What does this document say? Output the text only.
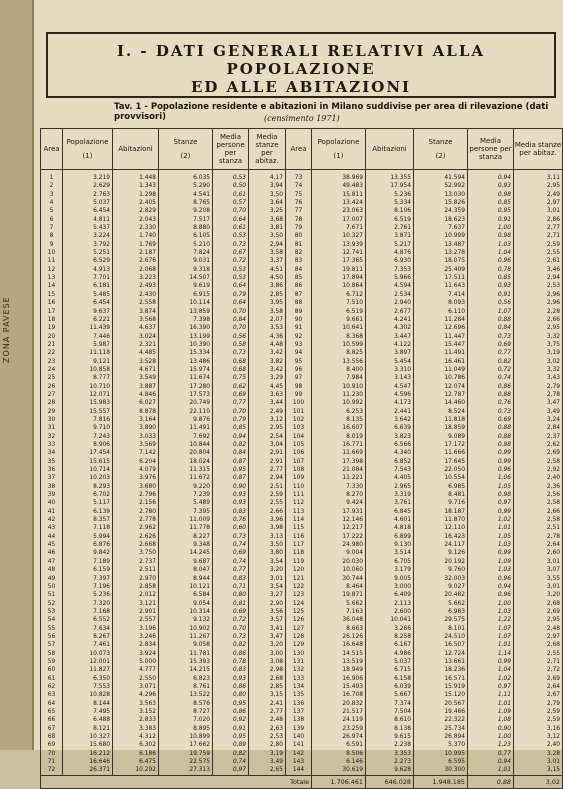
ZONA PAVESE
I. - DATI GENERALI RELATIVI ALLA POPOLAZIONE
ED ALLE ABITAZIONI
Tav. 1 - Popolazione residente e abitazioni in Milano suddivise per area di rilevazione (dati provvisori)	(censimento 1971)
Area	Popolazione
(1)	Abitazioni	Stanze
(2)	Media persone per stanza	Media stanze per abitaz.	Area	Popolazione
(1)	Abitazioni	Stanze
(2)	Media persone per stanza	Media stanze per abitaz.
1	3.219	1.448	6.035	0,53	4,17	73	38.969	13.355	41.594	0,94	3,11
2	2.629	1.343	5.290	0,50	3,94	74	49.483	17.954	52.992	0,93	2,95
3	2.763	1.298	4.541	0,61	3,50	75	15.811	5.236	13.030	0,98	2,49
4	5.037	2.405	8.765	0,57	3,64	76	13.424	5.334	15.826	0,85	2,97
5	6.454	2.829	9.208	0,70	3,25	77	23.063	8.106	24.359	0,95	3,01
6	4.811	2.043	7.517	0,64	3,68	78	17.007	6.519	18.623	0,91	2,86
7	5.437	2.330	8.880	0,61	3,81	79	7.671	2.761	7.637	1,00	2,77
8	3.224	1.740	6.105	0,53	3,50	80	10.327	3.871	10.999	0,98	2,71
9	3.792	1.769	5.210	0,73	2,94	81	13.939	5.217	13.487	1,03	2,59
10	5.251	2.187	7.824	0,67	3,58	82	12.741	4.876	13.278	1,04	2,55
11	6.529	2.676	9.031	0,72	3,37	83	17.365	6.930	18.075	0,96	2,61
12	4.913	2.068	9.318	0,53	4,51	84	19.811	7.353	25.409	0,78	3,46
13	7.701	3.223	14.507	0,53	4,50	85	17.894	5.966	17.511	0,85	2,94
14	6.181	2.493	9.619	0,64	3,86	86	10.864	4.594	11.643	0,93	2,53
15	5.485	2.430	6.915	0,79	2,85	87	6.712	2.534	7.414	0,91	2,96
16	6.454	2.558	10.114	0,64	3,95	88	7.510	2.940	8.093	0,56	2,96
17	9.637	3.874	13.859	0,70	3,58	89	6.519	2.677	6.110	1,07	2,28
18	6.221	3.568	7.398	0,84	2,07	90	9.661	4.241	11.284	0,88	2,66
19	11.439	4.637	16.390	0,70	3,53	91	10.641	4.302	12.696	0,84	2,95
20	7.446	3.024	13.199	0,56	4,36	92	8.368	3.447	11.447	0,73	3,32
21	5.987	2.321	10.390	0,58	4,48	93	10.599	4.122	15.447	0,69	3,75
22	11.118	4.485	15.334	0,73	3,42	94	8.825	3.897	11.491	0,77	3,19
23	9.121	3.528	13.486	0,68	3,82	95	13.556	5.454	16.461	0,82	3,02
24	10.858	4.671	15.974	0,68	3,42	96	8.400	3.310	11.049	0,72	3,32
25	8.777	3.549	11.674	0,75	3,29	97	7.984	3.143	10.786	0,74	3,43
26	10.710	3.887	17.280	0,62	4,45	98	10.910	4.547	12.074	0,86	2,79
27	12.071	4.846	17.573	0,69	3,63	99	11.230	4.596	12.787	0,88	2,78
28	15.983	6.027	20.749	0,77	3,44	100	10.992	4.173	14.460	0,76	3,47
29	15.557	8.878	22.110	0,70	2,49	101	6.253	2.441	8.524	0,73	3,49
30	7.816	3.164	9.876	0,79	3,12	102	8.135	3.642	11.818	0,69	3,24
31	9.710	3.890	11.491	0,85	2,95	103	16.607	6.639	18.859	0,88	2,84
32	7.243	3.033	7.692	0,94	2,54	104	8.019	3.823	9.089	0,88	2,37
33	8.906	3.569	10.844	0,82	3,04	105	16.771	6.566	17.172	0,98	2,62
34	17.454	7.142	20.804	0,84	2,91	106	11.669	4.340	11.666	0,99	2,69
35	15.615	6.204	18.024	0,87	2,91	107	17.398	6.852	17.645	0,99	2,58
36	10.714	4.079	11.315	0,95	2,77	108	21.084	7.543	22.050	0,96	2,92
37	10.203	3.976	11.672	0,87	2,94	109	11.221	4.405	10.554	1,06	2,40
38	8.293	3.680	9.220	0,90	2,51	110	7.330	2.965	6.985	1,05	2,36
39	6.702	2.796	7.239	0,93	2,59	111	8.270	3.319	8.481	0,98	2,56
40	5.117	2.156	5.489	0,93	2,55	112	9.424	3.761	9.716	0,97	2,58
41	6.139	2.780	7.395	0,83	2,66	113	17.931	6.845	18.187	0,99	2,66
42	8.357	2.778	11.009	0,76	3,96	114	12.146	4.601	11.870	1,02	2,58
43	7.118	2.962	11.778	0,60	3,98	115	12.217	4.818	12.110	1,01	2,51
44	5.994	2.626	8.227	0,73	3,13	116	17.222	6.899	16.423	1,05	2,78
45	6.876	2.668	9.348	0,74	3,50	117	24.980	9.130	24.117	1,03	2,64
46	9.842	3.750	14.245	0,69	3,80	118	9.004	3.514	9.126	0,99	2,60
47	7.189	2.737	9.687	0,74	3,54	119	20.030	6.705	20.192	1,09	3,01
48	6.159	2.511	8.047	0,77	3,20	120	10.060	3.179	9.760	1,03	3,07
49	7.397	2.970	8.944	0,83	3,01	121	30.744	9.005	32.003	0,96	3,55
50	7.196	2.858	10.121	0,71	3,54	122	8.464	3.000	9.027	0,94	3,01
51	5.236	2.012	6.584	0,80	3,27	123	19.871	6.409	20.482	0,96	3,20
52	7.320	3.121	9.054	0,81	2,90	124	5.662	2.113	5.662	1,00	2,68
53	7.168	2.901	10.314	0,69	3,56	125	7.163	2.600	6.983	1,03	2,69
54	6.552	2.557	9.132	0,72	3,57	126	36.048	10.041	29.575	1,22	2,95
55	7.634	3.196	10.902	0,70	3,41	127	8.663	3.266	8.101	1,07	2,48
56	8.267	3.246	11.267	0,73	3,47	128	26.126	8.258	24.510	1,07	2,97
57	7.461	2.834	9.058	0,82	3,20	129	16.648	6.167	16.507	1,01	2,68
58	10.073	3.924	11.781	0,86	3,00	130	14.515	4.986	12.724	1,14	2,55
59	12.001	5.000	15.393	0,78	3,08	131	13.519	5.037	13.661	0,99	2,71
60	11.827	4.777	14.215	0,83	2,98	132	18.949	6.715	18.236	1,04	2,72
61	6.350	2.550	6.823	0,93	2,68	133	16.906	6.158	16.571	1,02	2,69
62	7.553	3.071	8.761	0,86	2,85	134	15.493	6.039	15.919	0,97	2,64
63	10.828	4.296	13.522	0,80	3,15	135	16.708	5.667	15.120	1,11	2,67
64	8.144	3.563	8.576	0,95	2,41	136	20.832	7.374	20.567	1,01	2,79
65	7.495	3.152	8.727	0,86	2,77	137	21.517	7.504	19.466	1,09	2,59
66	6.488	2.833	7.020	0,92	2,48	138	24.119	8.610	22.322	1,08	2,59
67	8.121	3.383	8.895	0,91	2,63	139	23.259	8.138	25.734	0,90	3,16
68	10.327	4.312	10.899	0,95	2,53	140	26.974	9.615	26.894	1,00	3,12
69	15.680	6.302	17.662	0,89	2,80	141	6.591	2.238	5.370	1,23	2,40
70	16.212	6.186	19.759	0,82	3,19	142	8.506	3.353	10.995	0,77	3,28
71	16.646	6.475	22.575	0,74	3,49	143	6.146	2.273	6.595	0,94	3,01
72	26.371	10.292	27.313	0,97	2,65	144	30.619	9.628	30.300	1,01	3,15
Totale							1.706.461	646.028	1.948.185	0,88	3,02
